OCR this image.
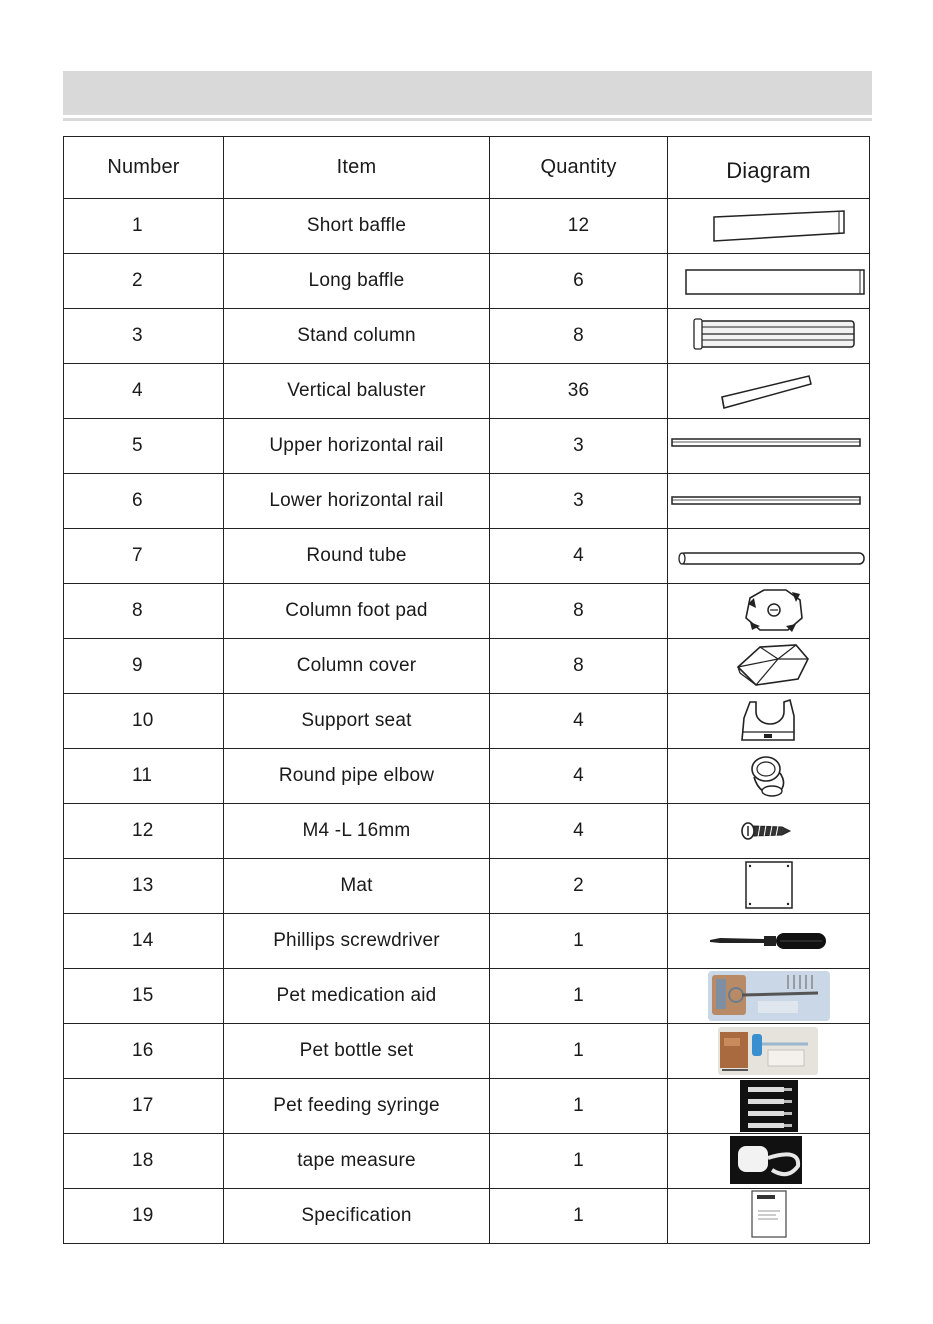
Number	Item	Quantity	Diagram
1	Short baffle	12	

2	Long baffle	6	

3	Stand column	8	

4	Vertical baluster	36	

5	Upper horizontal rail	3	

6	Lower horizontal rail	3	

7	Round tube	4	

8	Column foot pad	8	

9	Column cover	8	

10	Support seat	4	

11	Round pipe elbow	4	

12	M4 -L 16mm	4	

13	Mat	2	

14	Phillips screwdriver	1	

15	Pet medication aid	1	

16	Pet bottle set	1	

17	Pet feeding syringe	1	

18	tape measure	1	

19	Specification	1	
